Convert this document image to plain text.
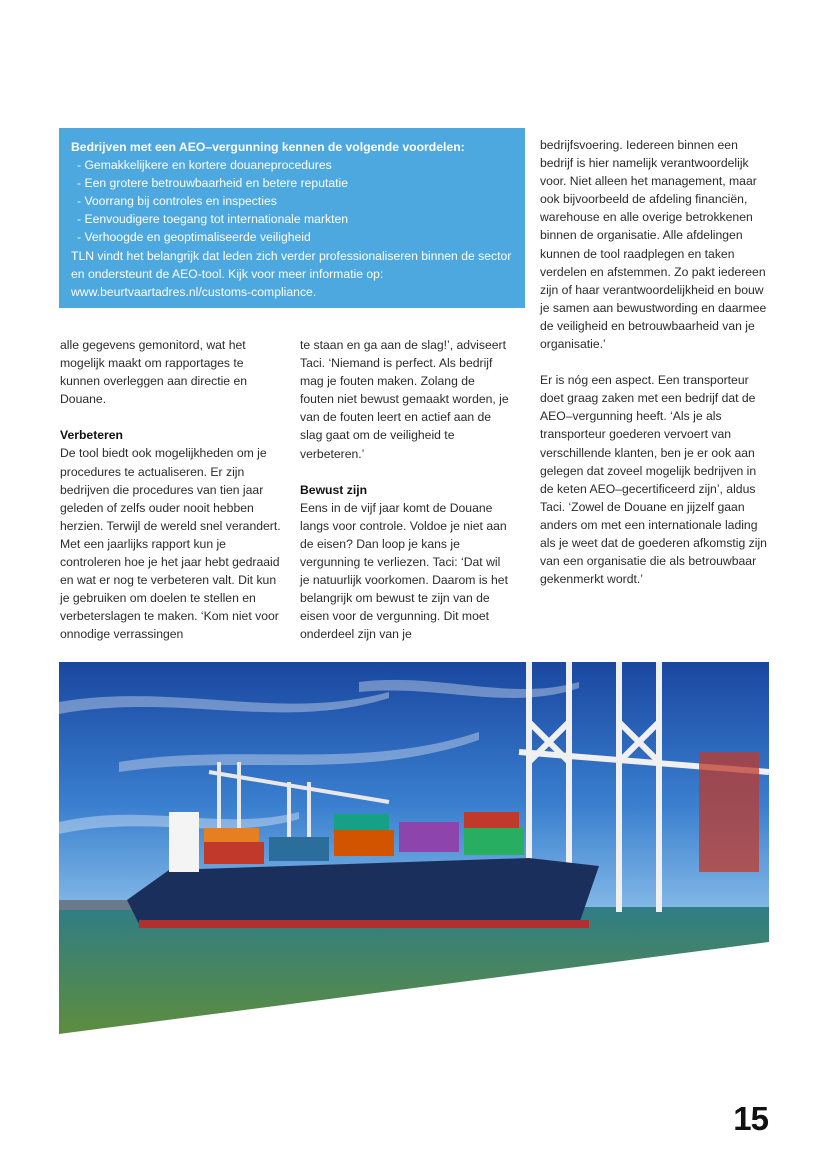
Bedrijven met een AEO–vergunning kennen de volgende voordelen:
- Gemakkelijkere en kortere douaneprocedures
- Een grotere betrouwbaarheid en betere reputatie
- Voorrang bij controles en inspecties
- Eenvoudigere toegang tot internationale markten
- Verhoogde en geoptimaliseerde veiligheid

TLN vindt het belangrijk dat leden zich verder professionaliseren binnen de sector en ondersteunt de AEO-tool. Kijk voor meer informatie op: www.beurtvaartadres.nl/customs-compliance.

alle gegevens gemonitord, wat het mogelijk maakt om rapportages te kunnen overleggen aan directie en Douane.

Verbeteren

De tool biedt ook mogelijkheden om je procedures te actualiseren. Er zijn bedrijven die procedures van tien jaar geleden of zelfs ouder nooit hebben herzien. Terwijl de wereld snel verandert. Met een jaarlijks rapport kun je controleren hoe je het jaar hebt gedraaid en wat er nog te verbeteren valt. Dit kun je gebruiken om doelen te stellen en verbeterslagen te maken. ‘Kom niet voor onnodige verrassingen

te staan en ga aan de slag!’, adviseert Taci. ‘Niemand is perfect. Als bedrijf mag je fouten maken. Zolang de fouten niet bewust gemaakt worden, je van de fouten leert en actief aan de slag gaat om de veiligheid te verbeteren.’

Bewust zijn

Eens in de vijf jaar komt de Douane langs voor controle. Voldoe je niet aan de eisen? Dan loop je kans je vergunning te verliezen. Taci: ‘Dat wil je natuurlijk voorkomen. Daarom is het belangrijk om bewust te zijn van de eisen voor de vergunning. Dit moet onderdeel zijn van je

bedrijfsvoering. Iedereen binnen een bedrijf is hier namelijk verantwoordelijk voor. Niet alleen het management, maar ook bijvoorbeeld de afdeling financiën, warehouse en alle overige betrokkenen binnen de organisatie. Alle afdelingen kunnen de tool raadplegen en taken verdelen en afstemmen. Zo pakt iedereen zijn of haar verantwoordelijkheid en bouw je samen aan bewustwording en daarmee de veiligheid en betrouwbaarheid van je organisatie.’

Er is nóg een aspect. Een transporteur doet graag zaken met een bedrijf dat de AEO–vergunning heeft. ‘Als je als transporteur goederen vervoert van verschillende klanten, ben je er ook aan gelegen dat zoveel mogelijk bedrijven in de keten AEO–gecertificeerd zijn’, aldus Taci. ‘Zowel de Douane en jijzelf gaan anders om met een internationale lading als je weet dat de goederen afkomstig zijn van een organisatie die als betrouwbaar gekenmerkt wordt.’

15
